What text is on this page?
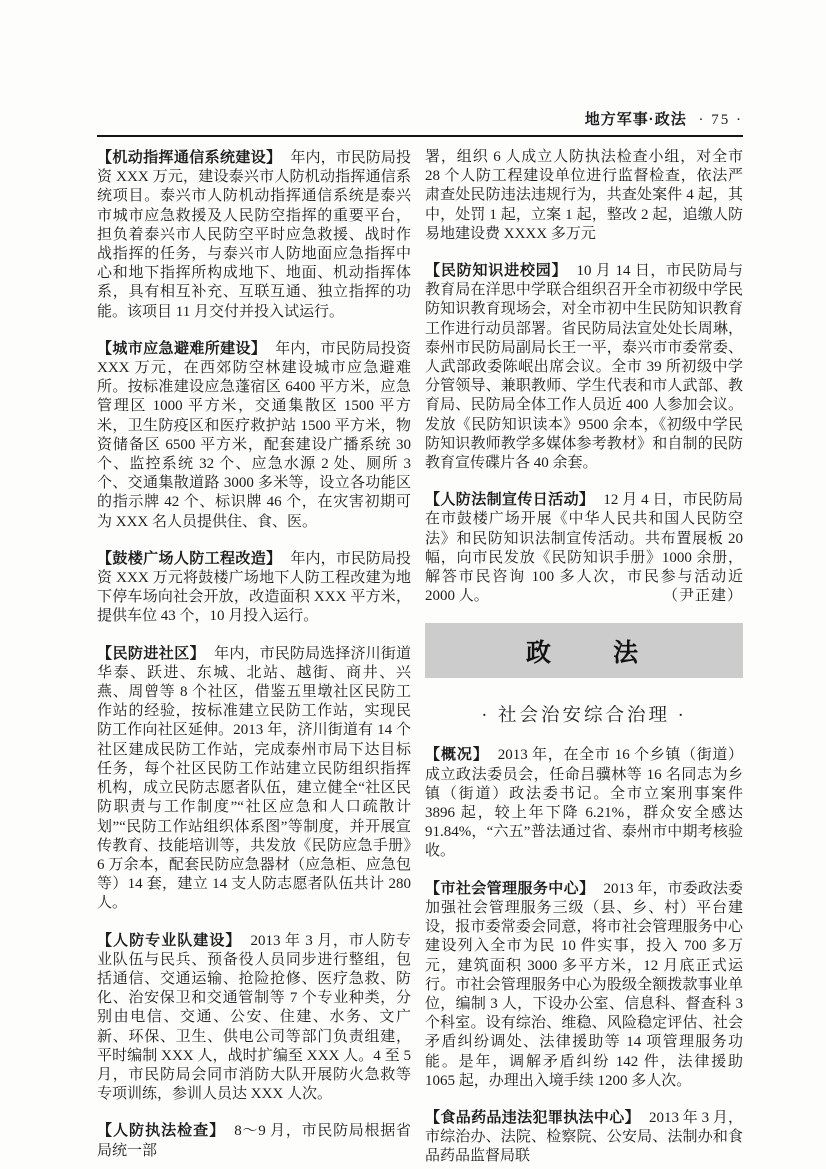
地方军事·政法 · 75 ·

【机动指挥通信系统建设】 年内，市民防局投资 XXX 万元，建设泰兴市人防机动指挥通信系统项目。泰兴市人防机动指挥通信系统是泰兴市城市应急救援及人民防空指挥的重要平台，担负着泰兴市人民防空平时应急救援、战时作战指挥的任务，与泰兴市人防地面应急指挥中心和地下指挥所构成地下、地面、机动指挥体系，具有相互补充、互联互通、独立指挥的功能。该项目 11 月交付并投入试运行。

【城市应急避难所建设】 年内，市民防局投资 XXX 万元，在西郊防空林建设城市应急避难所。按标准建设应急蓬宿区 6400 平方米，应急管理区 1000 平方米，交通集散区 1500 平方米，卫生防疫区和医疗救护站 1500 平方米，物资储备区 6500 平方米，配套建设广播系统 30 个、监控系统 32 个、应急水源 2 处、厕所 3 个、交通集散道路 3000 多米等，设立各功能区的指示牌 42 个、标识牌 46 个，在灾害初期可为 XXX 名人员提供住、食、医。

【鼓楼广场人防工程改造】 年内，市民防局投资 XXX 万元将鼓楼广场地下人防工程改建为地下停车场向社会开放，改造面积 XXX 平方米，提供车位 43 个，10 月投入运行。

【民防进社区】 年内，市民防局选择济川街道华泰、跃进、东城、北站、越街、商井、兴燕、周曾等 8 个社区，借鉴五里墩社区民防工作站的经验，按标准建立民防工作站，实现民防工作向社区延伸。2013 年，济川街道有 14 个社区建成民防工作站，完成泰州市局下达目标任务，每个社区民防工作站建立民防组织指挥机构，成立民防志愿者队伍，建立健全“社区民防职责与工作制度”“社区应急和人口疏散计划”“民防工作站组织体系图”等制度，并开展宣传教育、技能培训等，共发放《民防应急手册》6 万余本，配套民防应急器材（应急柜、应急包等）14 套，建立 14 支人防志愿者队伍共计 280 人。

【人防专业队建设】 2013 年 3 月，市人防专业队伍与民兵、预备役人员同步进行整组，包括通信、交通运输、抢险抢修、医疗急救、防化、治安保卫和交通管制等 7 个专业种类，分别由电信、交通、公安、住建、水务、文广新、环保、卫生、供电公司等部门负责组建，平时编制 XXX 人，战时扩编至 XXX 人。4 至 5 月，市民防局会同市消防大队开展防火急救等专项训练，参训人员达 XXX 人次。

【人防执法检查】 8～9 月，市民防局根据省局统一部

署，组织 6 人成立人防执法检查小组，对全市 28 个人防工程建设单位进行监督检查，依法严肃查处民防违法违规行为，共查处案件 4 起，其中，处罚 1 起，立案 1 起，整改 2 起，追缴人防易地建设费 XXXX 多万元

【民防知识进校园】 10 月 14 日，市民防局与教育局在洋思中学联合组织召开全市初级中学民防知识教育现场会，对全市初中生民防知识教育工作进行动员部署。省民防局法宣处处长周琳，泰州市民防局副局长王一平，泰兴市市委常委、人武部政委陈岷出席会议。全市 39 所初级中学分管领导、兼职教师、学生代表和市人武部、教育局、民防局全体工作人员近 400 人参加会议。发放《民防知识读本》9500 余本，《初级中学民防知识教师教学多媒体参考教材》和自制的民防教育宣传碟片各 40 余套。

【人防法制宣传日活动】 12 月 4 日，市民防局在市鼓楼广场开展《中华人民共和国人民防空法》和民防知识法制宣传活动。共布置展板 20 幅，向市民发放《民防知识手册》1000 余册，解答市民咨询 100 多人次，市民参与活动近 2000 人。	（尹正建）

政　　法
· 社会治安综合治理 ·

【概况】 2013 年，在全市 16 个乡镇（街道）成立政法委员会，任命吕骥林等 16 名同志为乡镇（街道）政法委书记。全市立案刑事案件 3896 起，较上年下降 6.21%，群众安全感达 91.84%，“六五”普法通过省、泰州市中期考核验收。

【市社会管理服务中心】 2013 年，市委政法委加强社会管理服务三级（县、乡、村）平台建设，报市委常委会同意，将市社会管理服务中心建设列入全市为民 10 件实事，投入 700 多万元，建筑面积 3000 多平方米，12 月底正式运行。市社会管理服务中心为股级全额拨款事业单位，编制 3 人，下设办公室、信息科、督查科 3 个科室。设有综治、维稳、风险稳定评估、社会矛盾纠纷调处、法律援助等 14 项管理服务功能。是年，调解矛盾纠纷 142 件，法律援助 1065 起，办理出入境手续 1200 多人次。

【食品药品违法犯罪执法中心】 2013 年 3 月，市综治办、法院、检察院、公安局、法制办和食品药品监督局联
